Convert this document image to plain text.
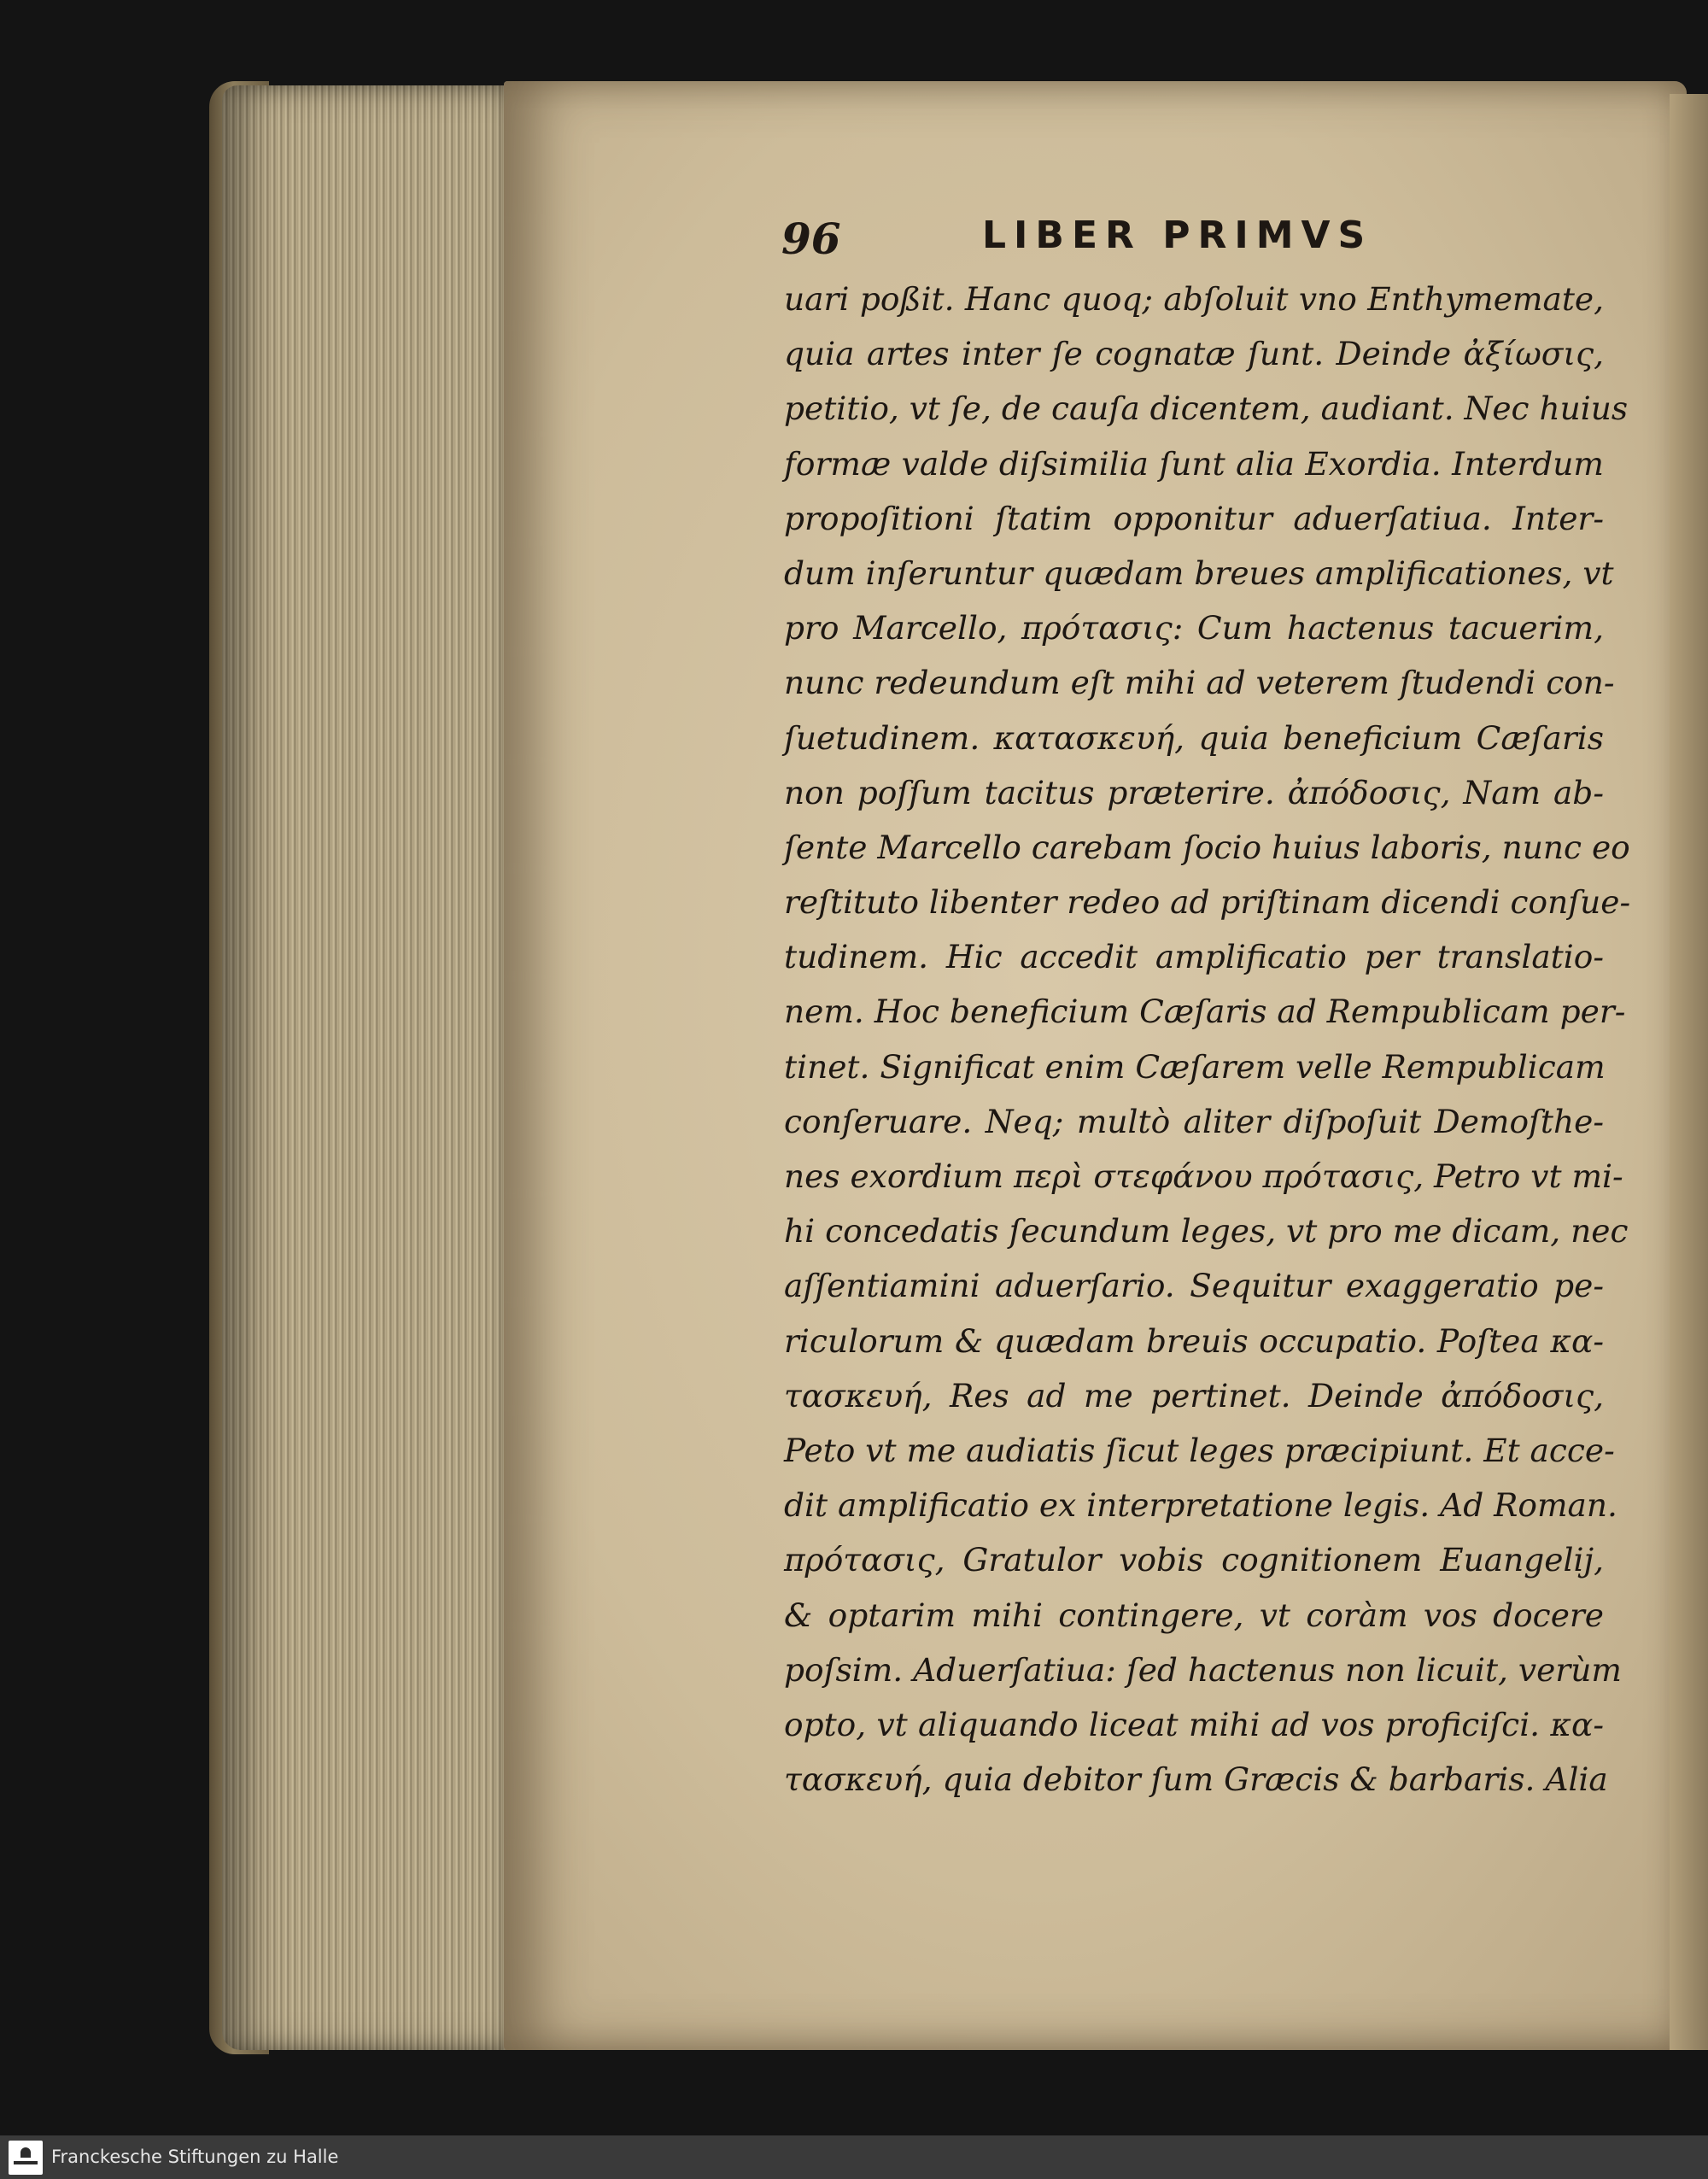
96	LIBER PRIMVS
uari poßit. Hanc quoq; abſoluit vno Enthymemate,
quia artes inter ſe cognatæ ſunt. Deinde ἀξίωσις,
petitio, vt ſe, de cauſa dicentem, audiant. Nec huius
formæ valde diſsimilia ſunt alia Exordia. Interdum
propoſitioni ſtatim opponitur aduerſatiua. Inter-
dum inſeruntur quædam breues amplificationes, vt
pro Marcello, πρότασις: Cum hactenus tacuerim,
nunc redeundum eſt mihi ad veterem ſtudendi con-
ſuetudinem. κατασκευή, quia beneficium Cæſaris
non poſſum tacitus præterire. ἀπόδοσις, Nam ab-
ſente Marcello carebam ſocio huius laboris, nunc eo
reſtituto libenter redeo ad priſtinam dicendi conſue-
tudinem. Hic accedit amplificatio per translatio-
nem. Hoc beneficium Cæſaris ad Rempublicam per-
tinet. Significat enim Cæſarem velle Rempublicam
conſeruare. Neq; multò aliter diſpoſuit Demoſthe-
nes exordium περὶ στεφάνου πρότασις, Petro vt mi-
hi concedatis ſecundum leges, vt pro me dicam, nec
aſſentiamini aduerſario. Sequitur exaggeratio pe-
riculorum & quædam breuis occupatio. Poſtea κα-
τασκευή, Res ad me pertinet. Deinde ἀπόδοσις,
Peto vt me audiatis ſicut leges præcipiunt. Et acce-
dit amplificatio ex interpretatione legis. Ad Roman.
πρότασις, Gratulor vobis cognitionem Euangelij,
& optarim mihi contingere, vt coràm vos docere
poſsim. Aduerſatiua: ſed hactenus non licuit, verùm
opto, vt aliquando liceat mihi ad vos proficiſci. κα-
τασκευή, quia debitor ſum Græcis & barbaris. Alia
Franckesche Stiftungen zu Halle
